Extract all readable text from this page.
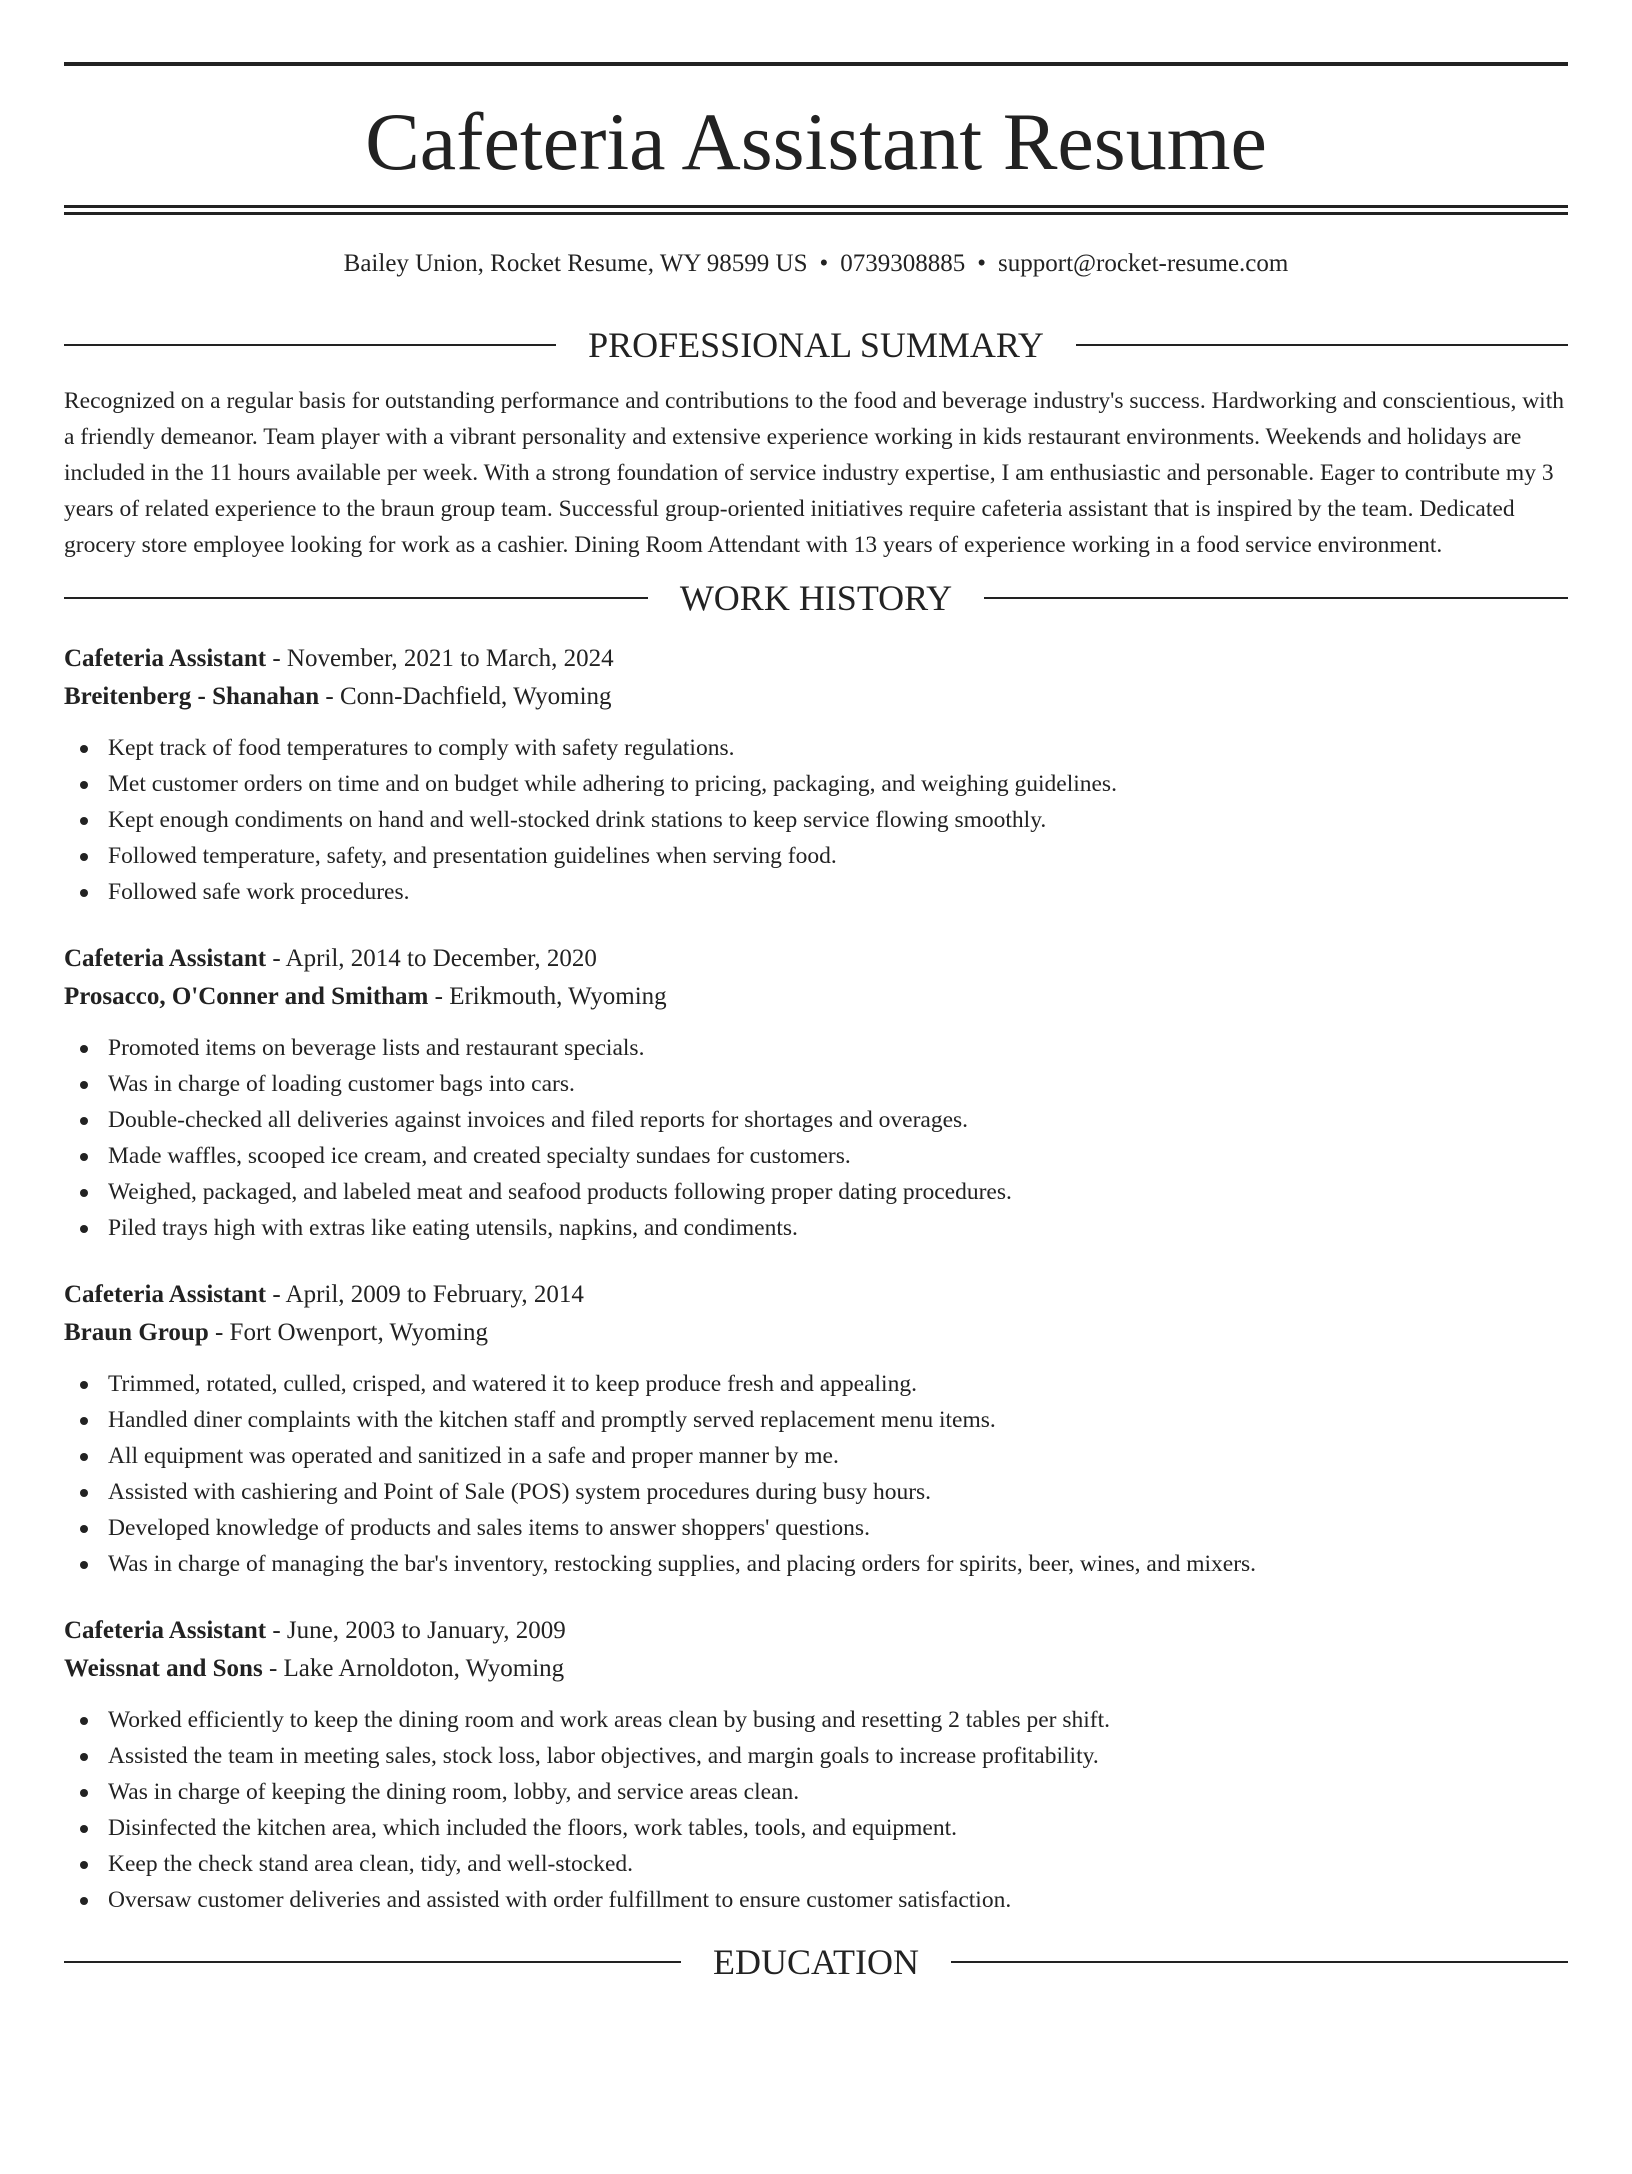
Cafeteria Assistant Resume
Bailey Union, Rocket Resume, WY 98599 US • 0739308885 • support@rocket-resume.com
PROFESSIONAL SUMMARY

Recognized on a regular basis for outstanding performance and contributions to the food and beverage industry's success. Hardworking and conscientious, with a friendly demeanor. Team player with a vibrant personality and extensive experience working in kids restaurant environments. Weekends and holidays are included in the 11 hours available per week. With a strong foundation of service industry expertise, I am enthusiastic and personable. Eager to contribute my 3 years of related experience to the braun group team. Successful group-oriented initiatives require cafeteria assistant that is inspired by the team. Dedicated grocery store employee looking for work as a cashier. Dining Room Attendant with 13 years of experience working in a food service environment.

WORK HISTORY
Cafeteria Assistant - November, 2021 to March, 2024
Breitenberg - Shanahan - Conn-Dachfield, Wyoming
Kept track of food temperatures to comply with safety regulations.
Met customer orders on time and on budget while adhering to pricing, packaging, and weighing guidelines.
Kept enough condiments on hand and well-stocked drink stations to keep service flowing smoothly.
Followed temperature, safety, and presentation guidelines when serving food.
Followed safe work procedures.
Cafeteria Assistant - April, 2014 to December, 2020
Prosacco, O'Conner and Smitham - Erikmouth, Wyoming
Promoted items on beverage lists and restaurant specials.
Was in charge of loading customer bags into cars.
Double-checked all deliveries against invoices and filed reports for shortages and overages.
Made waffles, scooped ice cream, and created specialty sundaes for customers.
Weighed, packaged, and labeled meat and seafood products following proper dating procedures.
Piled trays high with extras like eating utensils, napkins, and condiments.
Cafeteria Assistant - April, 2009 to February, 2014
Braun Group - Fort Owenport, Wyoming
Trimmed, rotated, culled, crisped, and watered it to keep produce fresh and appealing.
Handled diner complaints with the kitchen staff and promptly served replacement menu items.
All equipment was operated and sanitized in a safe and proper manner by me.
Assisted with cashiering and Point of Sale (POS) system procedures during busy hours.
Developed knowledge of products and sales items to answer shoppers' questions.
Was in charge of managing the bar's inventory, restocking supplies, and placing orders for spirits, beer, wines, and mixers.
Cafeteria Assistant - June, 2003 to January, 2009
Weissnat and Sons - Lake Arnoldoton, Wyoming
Worked efficiently to keep the dining room and work areas clean by busing and resetting 2 tables per shift.
Assisted the team in meeting sales, stock loss, labor objectives, and margin goals to increase profitability.
Was in charge of keeping the dining room, lobby, and service areas clean.
Disinfected the kitchen area, which included the floors, work tables, tools, and equipment.
Keep the check stand area clean, tidy, and well-stocked.
Oversaw customer deliveries and assisted with order fulfillment to ensure customer satisfaction.
EDUCATION
